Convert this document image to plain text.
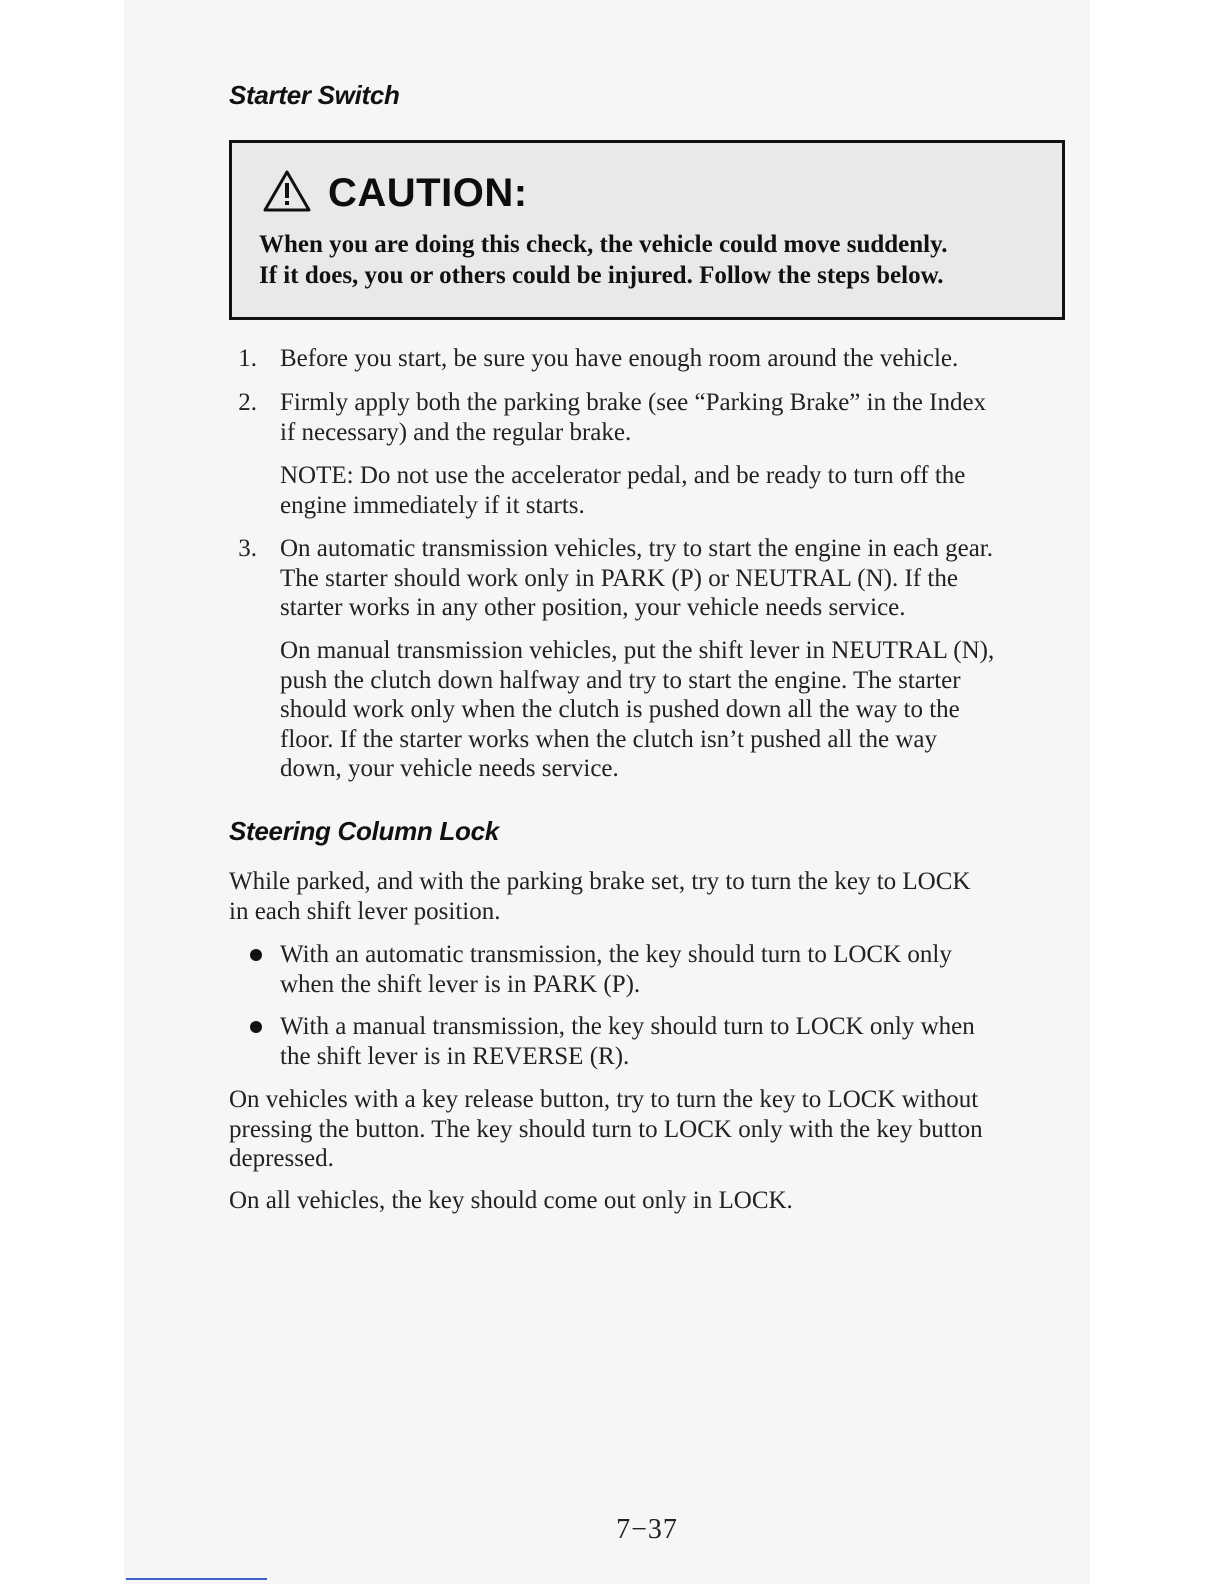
Starter Switch
CAUTION:
When you are doing this check, the vehicle could move suddenly.
If it does, you or others could be injured. Follow the steps below.
1. Before you start, be sure you have enough room around the vehicle.
2. Firmly apply both the parking brake (see “Parking Brake” in the Index
if necessary) and the regular brake.
NOTE: Do not use the accelerator pedal, and be ready to turn off the
engine immediately if it starts.
3. On automatic transmission vehicles, try to start the engine in each gear.
The starter should work only in PARK (P) or NEUTRAL (N). If the
starter works in any other position, your vehicle needs service.
On manual transmission vehicles, put the shift lever in NEUTRAL (N),
push the clutch down halfway and try to start the engine. The starter
should work only when the clutch is pushed down all the way to the
floor. If the starter works when the clutch isn’t pushed all the way
down, your vehicle needs service.
Steering Column Lock
While parked, and with the parking brake set, try to turn the key to LOCK
in each shift lever position.
With an automatic transmission, the key should turn to LOCK only
when the shift lever is in PARK (P).
With a manual transmission, the key should turn to LOCK only when
the shift lever is in REVERSE (R).
On vehicles with a key release button, try to turn the key to LOCK without
pressing the button. The key should turn to LOCK only with the key button
depressed.
On all vehicles, the key should come out only in LOCK.
7−37
